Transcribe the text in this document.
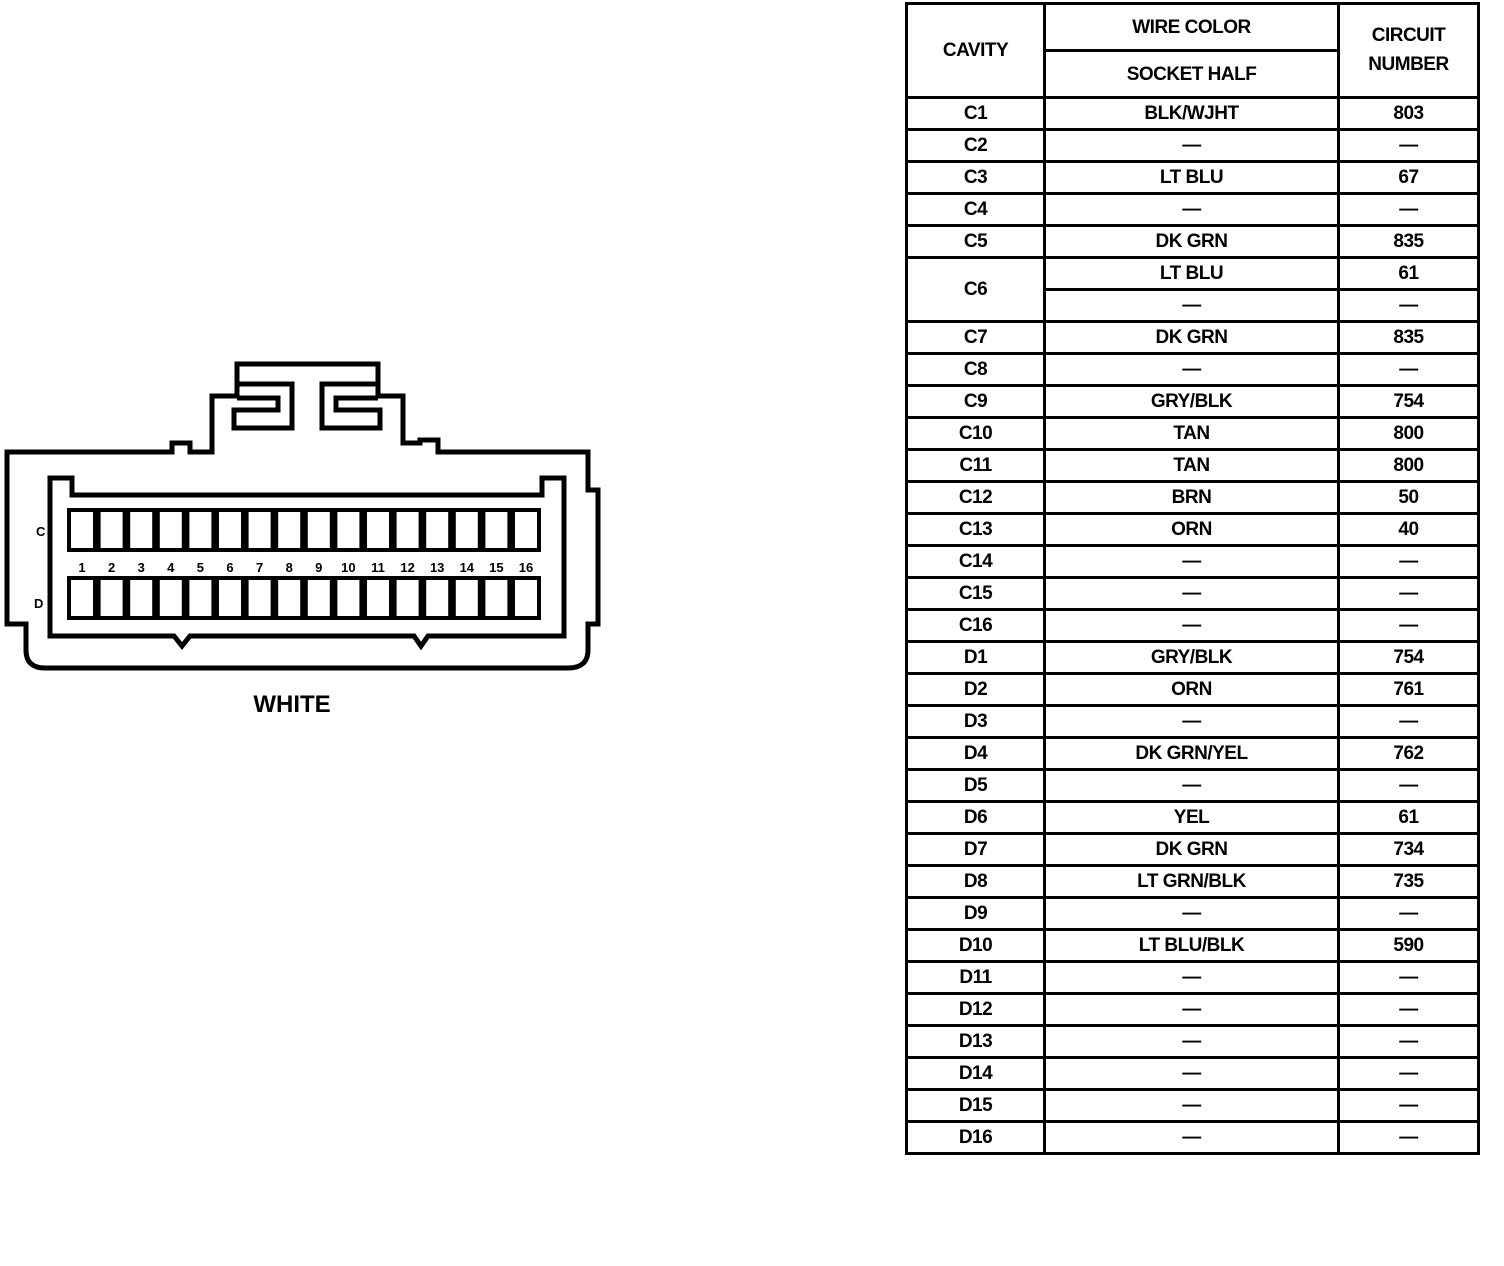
1 2 3 4 5 6 7 8 9 10 11 12 13 14 15 16
C
D
WHITE
CAVITY	WIRE COLOR	CIRCUIT NUMBER
	SOCKET HALF	
C1	BLK/WJHT	803
C2	—	—
C3	LT BLU	67
C4	—	—
C5	DK GRN	835
C6	LT BLU	61
	—	—
C7	DK GRN	835
C8	—	—
C9	GRY/BLK	754
C10	TAN	800
C11	TAN	800
C12	BRN	50
C13	ORN	40
C14	—	—
C15	—	—
C16	—	—
D1	GRY/BLK	754
D2	ORN	761
D3	—	—
D4	DK GRN/YEL	762
D5	—	—
D6	YEL	61
D7	DK GRN	734
D8	LT GRN/BLK	735
D9	—	—
D10	LT BLU/BLK	590
D11	—	—
D12	—	—
D13	—	—
D14	—	—
D15	—	—
D16	—	—
